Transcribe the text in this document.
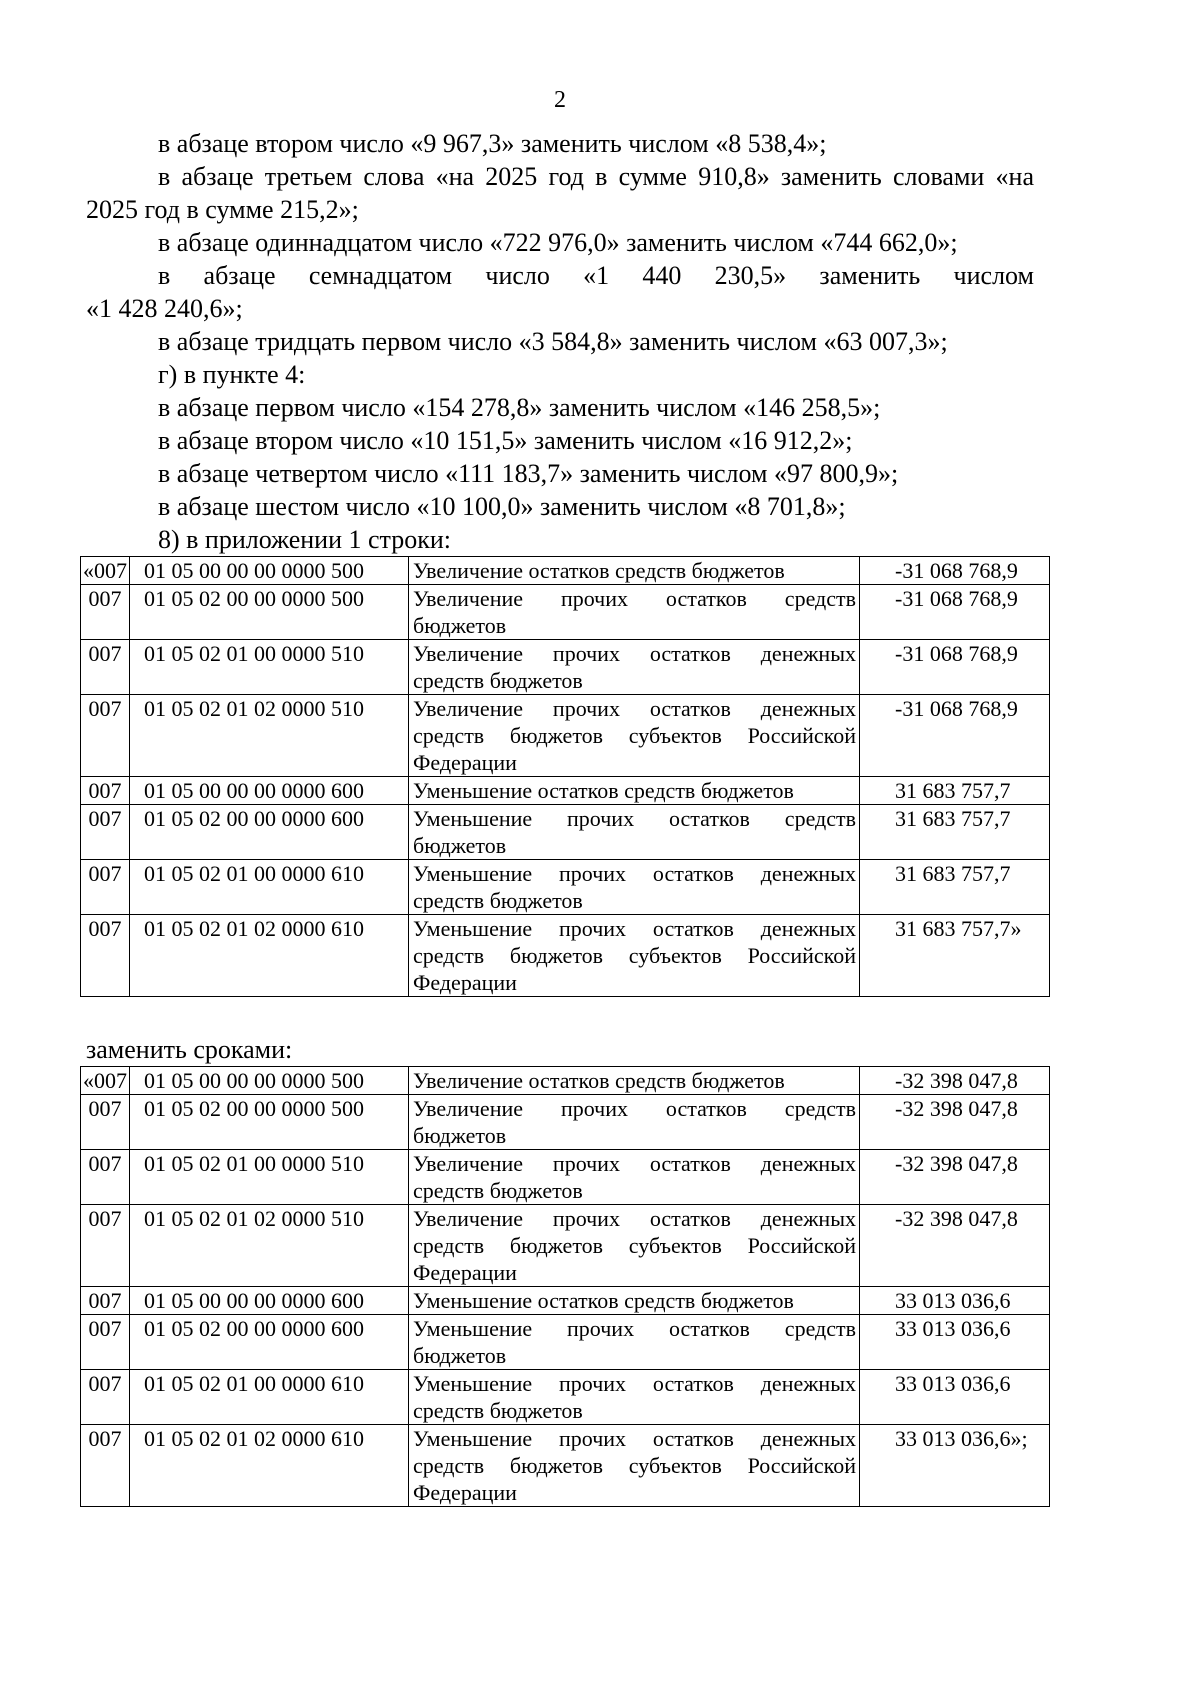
2

в абзаце втором число «9 967,3» заменить числом «8 538,4»;

в абзаце третьем слова «на 2025 год в сумме 910,8» заменить словами «на 2025 год в сумме 215,2»;

в абзаце одиннадцатом число «722 976,0» заменить числом «744 662,0»;

в абзаце семнадцатом число «1 440 230,5» заменить числом

«1 428 240,6»;

в абзаце тридцать первом число «3 584,8» заменить числом «63 007,3»;

г) в пункте 4:

в абзаце первом число «154 278,8» заменить числом «146 258,5»;

в абзаце втором число «10 151,5» заменить числом «16 912,2»;

в абзаце четвертом число «111 183,7» заменить числом «97 800,9»;

в абзаце шестом число «10 100,0» заменить числом «8 701,8»;

8) в приложении 1 строки:

«007	01 05 00 00 00 0000 500	Увеличение остатков средств бюджетов	-31 068 768,9
007	01 05 02 00 00 0000 500	Увеличение прочих остатков средств бюджетов	-31 068 768,9
007	01 05 02 01 00 0000 510	Увеличение прочих остатков денежных средств бюджетов	-31 068 768,9
007	01 05 02 01 02 0000 510	Увеличение прочих остатков денежных средств бюджетов субъектов Российской Федерации	-31 068 768,9
007	01 05 00 00 00 0000 600	Уменьшение остатков средств бюджетов	31 683 757,7
007	01 05 02 00 00 0000 600	Уменьшение прочих остатков средств бюджетов	31 683 757,7
007	01 05 02 01 00 0000 610	Уменьшение прочих остатков денежных средств бюджетов	31 683 757,7
007	01 05 02 01 02 0000 610	Уменьшение прочих остатков денежных средств бюджетов субъектов Российской Федерации	31 683 757,7»

заменить сроками:

«007	01 05 00 00 00 0000 500	Увеличение остатков средств бюджетов	-32 398 047,8
007	01 05 02 00 00 0000 500	Увеличение прочих остатков средств бюджетов	-32 398 047,8
007	01 05 02 01 00 0000 510	Увеличение прочих остатков денежных средств бюджетов	-32 398 047,8
007	01 05 02 01 02 0000 510	Увеличение прочих остатков денежных средств бюджетов субъектов Российской Федерации	-32 398 047,8
007	01 05 00 00 00 0000 600	Уменьшение остатков средств бюджетов	33 013 036,6
007	01 05 02 00 00 0000 600	Уменьшение прочих остатков средств бюджетов	33 013 036,6
007	01 05 02 01 00 0000 610	Уменьшение прочих остатков денежных средств бюджетов	33 013 036,6
007	01 05 02 01 02 0000 610	Уменьшение прочих остатков денежных средств бюджетов субъектов Российской Федерации	33 013 036,6»;
